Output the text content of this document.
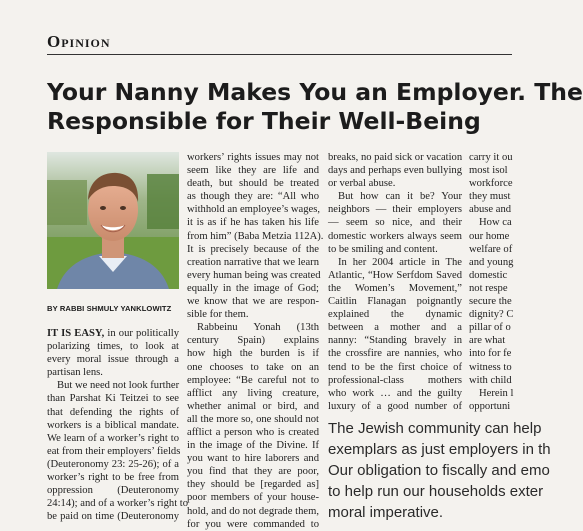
Opinion
Your Nanny Makes You an Employer. The
Responsible for Their Well-Being
BY RABBI SHMULY YANKLOWITZ
IT IS EASY, in our politically
polarizing times, to look at
every moral issue through a
partisan lens.
But we need not look further
than Parshat Ki Teitzei to see
that defending the rights of
workers is a biblical mandate.
We learn of a worker’s right to
eat from their employers’ fields
(Deuteronomy 23: 25-26); of a
worker’s right to be free from
oppression (Deuteronomy
24:14); and of a worker’s right to
be paid on time (Deuteronomy
workers’ rights issues may not
seem like they are life and
death, but should be treated
as though they are: “All who
withhold an employee’s wages,
it is as if he has taken his life
from him” (Baba Metzia 112A).
It is precisely because of the
creation narrative that we learn
every human being was created
equally in the image of God;
we know that we are respon-
sible for them.
Rabbeinu Yonah (13th
century Spain) explains
how high the burden is if
one chooses to take on an
employee: “Be careful not to
afflict any living creature,
whether animal or bird, and
all the more so, one should not
afflict a person who is created
in the image of the Divine. If
you want to hire laborers and
you find that they are poor,
they should be [regarded as]
poor members of your house-
hold, and do not degrade them,
for you were commanded to
breaks, no paid sick or vacation
days and perhaps even bullying
or verbal abuse.
But how can it be? Your
neighbors — their employers
— seem so nice, and their
domestic workers always seem
to be smiling and content.
In her 2004 article in The
Atlantic, “How Serfdom Saved
the Women’s Movement,”
Caitlin Flanagan poignantly
explained the dynamic
between a mother and a
nanny: “Standing bravely in
the crossfire are nannies, who
tend to be the first choice of
professional-class mothers
who work … and the guilty
luxury of a good number of
carry it ou
most isol
workforce
they must
abuse and
How ca
our home
welfare of
and young
domestic
not respe
secure the
dignity? C
pillar of o
are what
into for fe
witness to
with child
Herein l
opportuni
The Jewish community can help
exemplars as just employers in th
Our obligation to fiscally and emo
to help run our households exter
moral imperative.
